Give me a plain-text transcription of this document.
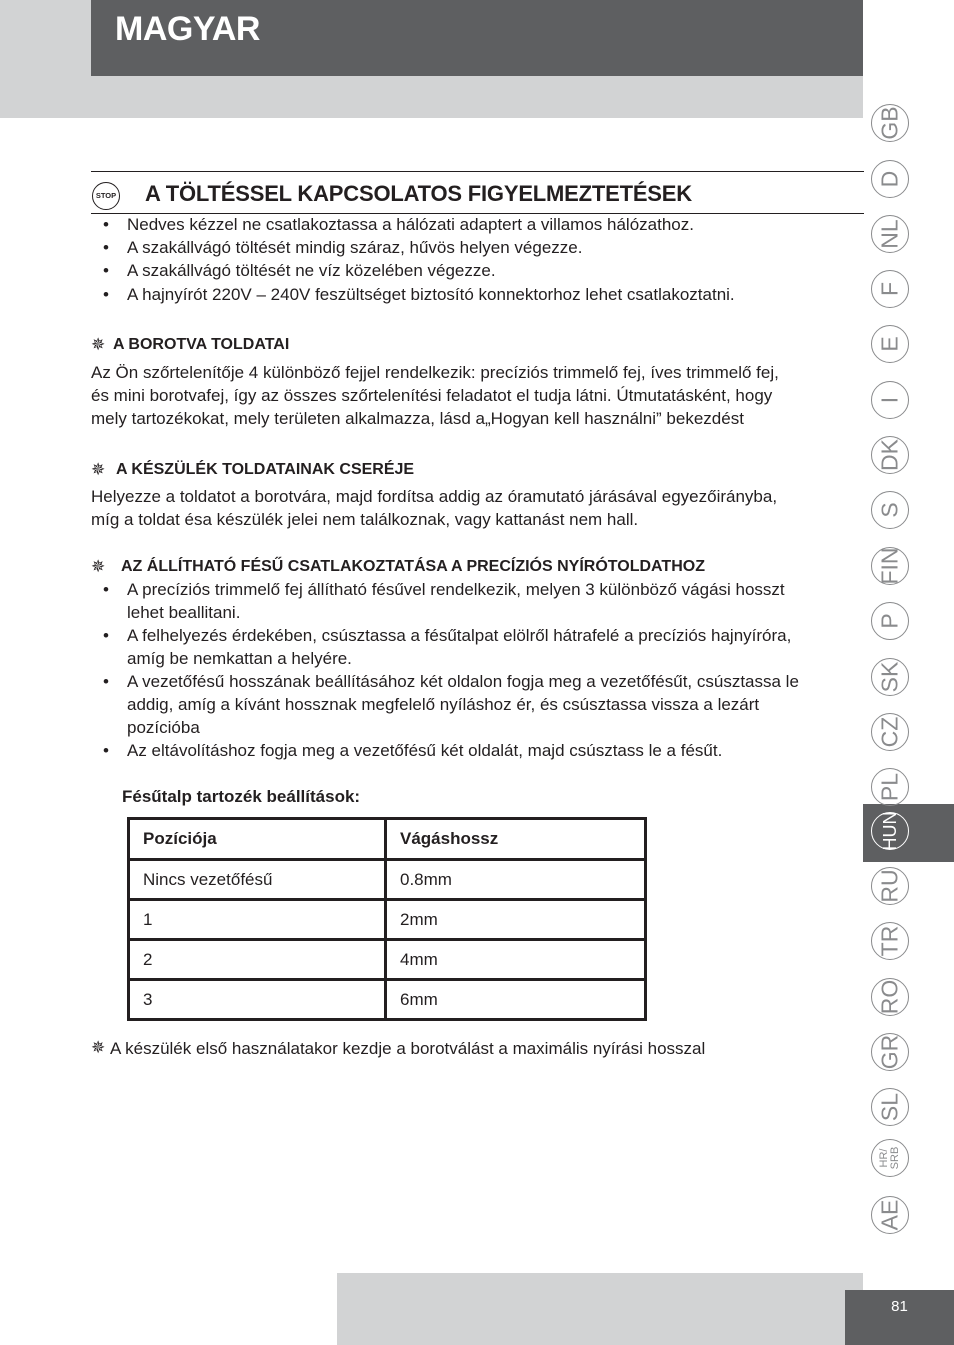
MAGYAR
GB
D
NL
F
E
I
DK
S
FIN
P
SK
CZ
PL
HUN
RU
TR
RO
GR
SL
HR/
SRB
AE
STOP A TÖLTÉSSEL KAPCSOLATOS FIGYELMEZTETÉSEK
• Nedves kézzel ne csatlakoztassa a hálózati adaptert a villamos hálózathoz.
• A szakállvágó töltését mindig száraz, hűvös helyen végezze.
• A szakállvágó töltését ne víz közelében végezze.
• A hajnyírót 220V – 240V feszültséget biztosító konnektorhoz lehet csatlakoztatni.
✵ A BOROTVA TOLDATAI
Az Ön szőrtelenítője 4 különböző fejjel rendelkezik: precíziós trimmelő fej, íves trimmelő fej,
és mini borotvafej, így az összes szőrtelenítési feladatot el tudja látni. Útmutatásként, hogy
mely tartozékokat, mely területen alkalmazza, lásd a„Hogyan kell használni” bekezdést
✵ A KÉSZÜLÉK TOLDATAINAK CSERÉJE
Helyezze a toldatot a borotvára, majd fordítsa addig az óramutató járásával egyezőirányba,
míg a toldat ésa készülék jelei nem találkoznak, vagy kattanást nem hall.
✵ AZ ÁLLÍTHATÓ FÉSŰ CSATLAKOZTATÁSA A PRECÍZIÓS NYÍRÓTOLDATHOZ
• A precíziós trimmelő fej állítható fésűvel rendelkezik, melyen 3 különböző vágási hosszt
lehet beallitani.
• A felhelyezés érdekében, csúsztassa a fésűtalpat elölről hátrafelé a precíziós hajnyíróra,
amíg be nemkattan a helyére.
• A vezetőfésű hosszának beállításához két oldalon fogja meg a vezetőfésűt, csúsztassa le
addig, amíg a kívánt hossznak megfelelő nyíláshoz ér, és csúsztassa vissza a lezárt
pozícióba
• Az eltávolításhoz fogja meg a vezetőfésű két oldalát, majd csúsztass le a fésűt.
Fésűtalp tartozék beállítások:
Pozíciója	Vágáshossz
Nincs vezetőfésű	0.8mm
1	2mm
2	4mm
3	6mm
✵ A készülék első használatakor kezdje a borotválást a maximális nyírási hosszal
81
